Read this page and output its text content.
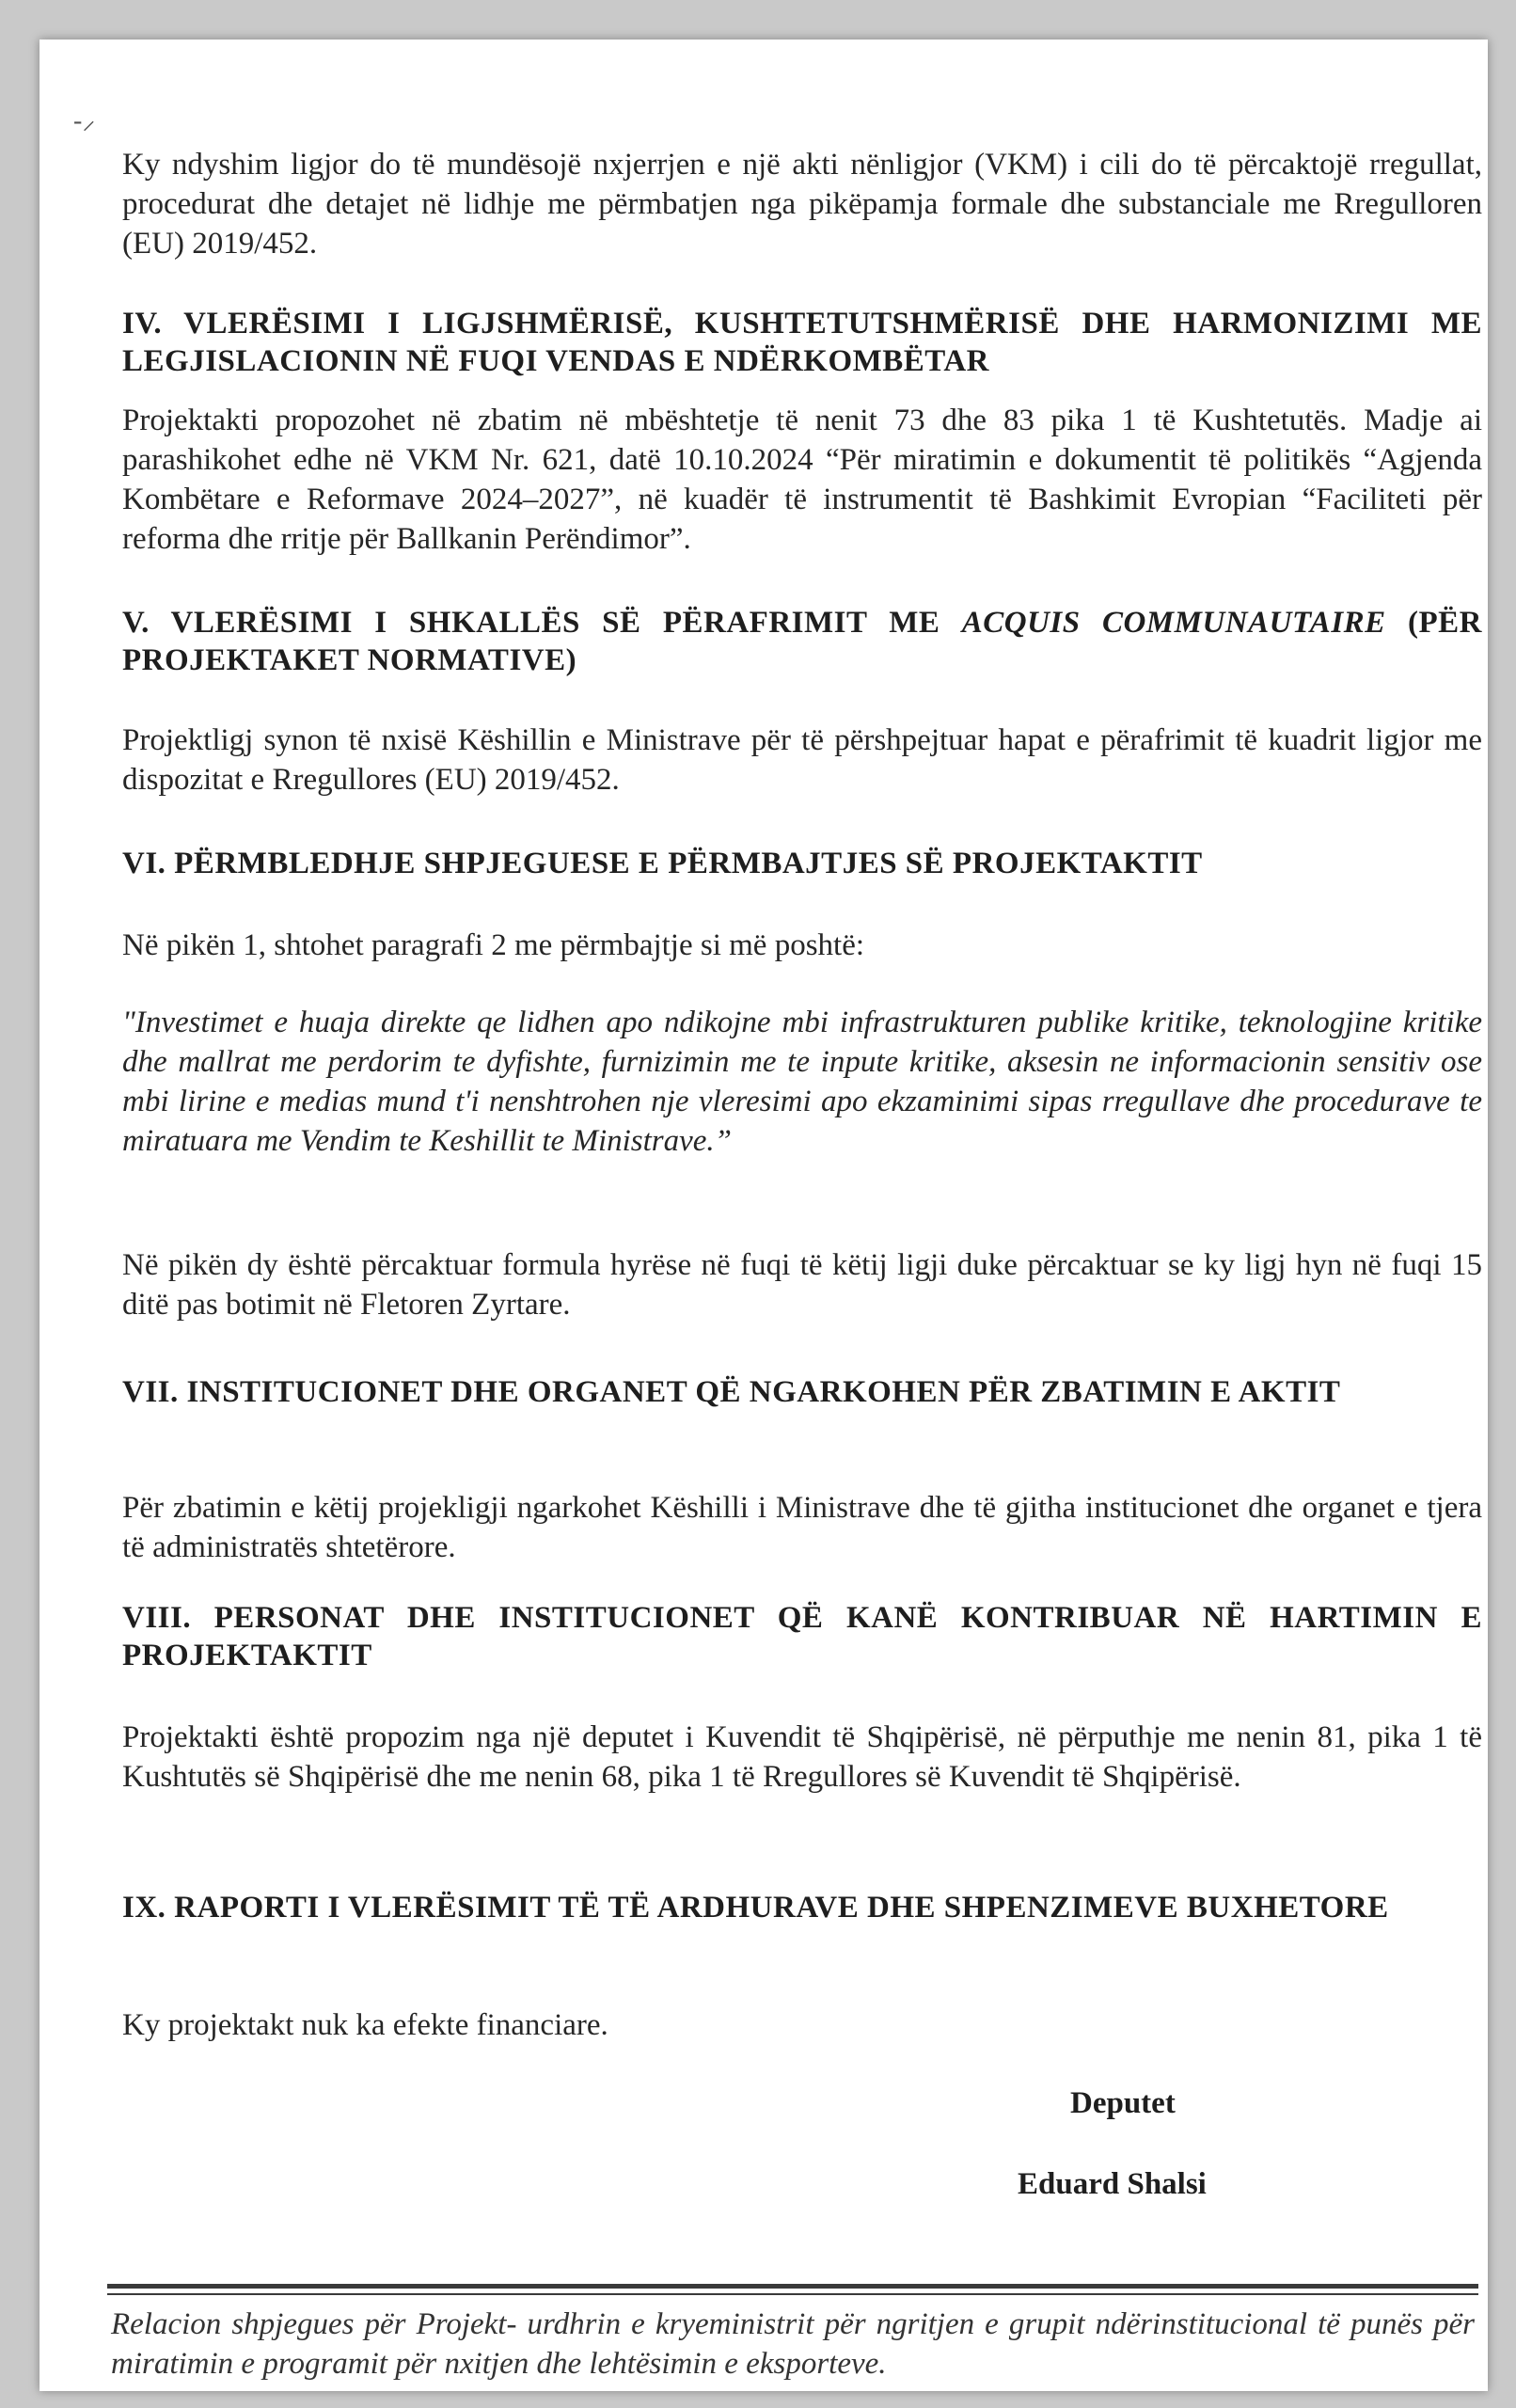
-⸝

Ky ndyshim ligjor do të mundësojë nxjerrjen e një akti nënligjor (VKM) i cili do të përcaktojë rregullat, procedurat dhe detajet në lidhje me përmbatjen nga pikëpamja formale dhe substanciale me Rregulloren (EU) 2019/452.

IV. VLERËSIMI I LIGJSHMËRISË, KUSHTETUTSHMËRISË DHE HARMONIZIMI ME LEGJISLACIONIN NË FUQI VENDAS E NDËRKOMBËTAR

Projektakti propozohet në zbatim në mbështetje të nenit 73 dhe 83 pika 1 të Kushtetutës. Madje ai parashikohet edhe në VKM Nr. 621, datë 10.10.2024 “Për miratimin e dokumentit të politikës “Agjenda Kombëtare e Reformave 2024–2027”, në kuadër të instrumentit të Bashkimit Evropian “Faciliteti për reforma dhe rritje për Ballkanin Perëndimor”.

V. VLERËSIMI I SHKALLËS SË PËRAFRIMIT ME ACQUIS COMMUNAUTAIRE (PËR PROJEKTAKET NORMATIVE)

Projektligj synon të nxisë Këshillin e Ministrave për të përshpejtuar hapat e përafrimit të kuadrit ligjor me dispozitat e Rregullores (EU) 2019/452.

VI. PËRMBLEDHJE SHPJEGUESE E PËRMBAJTJES SË PROJEKTAKTIT

Në pikën 1, shtohet paragrafi 2 me përmbajtje si më poshtë:

"Investimet e huaja direkte qe lidhen apo ndikojne mbi infrastrukturen publike kritike, teknologjine kritike dhe mallrat me perdorim te dyfishte, furnizimin me te inpute kritike, aksesin ne informacionin sensitiv ose mbi lirine e medias mund t'i nenshtrohen nje vleresimi apo ekzaminimi sipas rregullave dhe procedurave te miratuara me Vendim te Keshillit te Ministrave.”

Në pikën dy është përcaktuar formula hyrëse në fuqi të këtij ligji duke përcaktuar se ky ligj hyn në fuqi 15 ditë pas botimit në Fletoren Zyrtare.

VII. INSTITUCIONET DHE ORGANET QË NGARKOHEN PËR ZBATIMIN E AKTIT

Për zbatimin e këtij projekligji ngarkohet Këshilli i Ministrave dhe të gjitha institucionet dhe organet e tjera të administratës shtetërore.

VIII. PERSONAT DHE INSTITUCIONET QË KANË KONTRIBUAR NË HARTIMIN E PROJEKTAKTIT

Projektakti është propozim nga një deputet i Kuvendit të Shqipërisë, në përputhje me nenin 81, pika 1 të Kushtutës së Shqipërisë dhe me nenin 68, pika 1 të Rregullores së Kuvendit të Shqipërisë.

IX. RAPORTI I VLERËSIMIT TË TË ARDHURAVE DHE SHPENZIMEVE BUXHETORE

Ky projektakt nuk ka efekte financiare.

Deputet
Eduard Shalsi
Relacion shpjegues për Projekt- urdhrin e kryeministrit për ngritjen e grupit ndërinstitucional të punës për miratimin e programit për nxitjen dhe lehtësimin e eksporteve.
